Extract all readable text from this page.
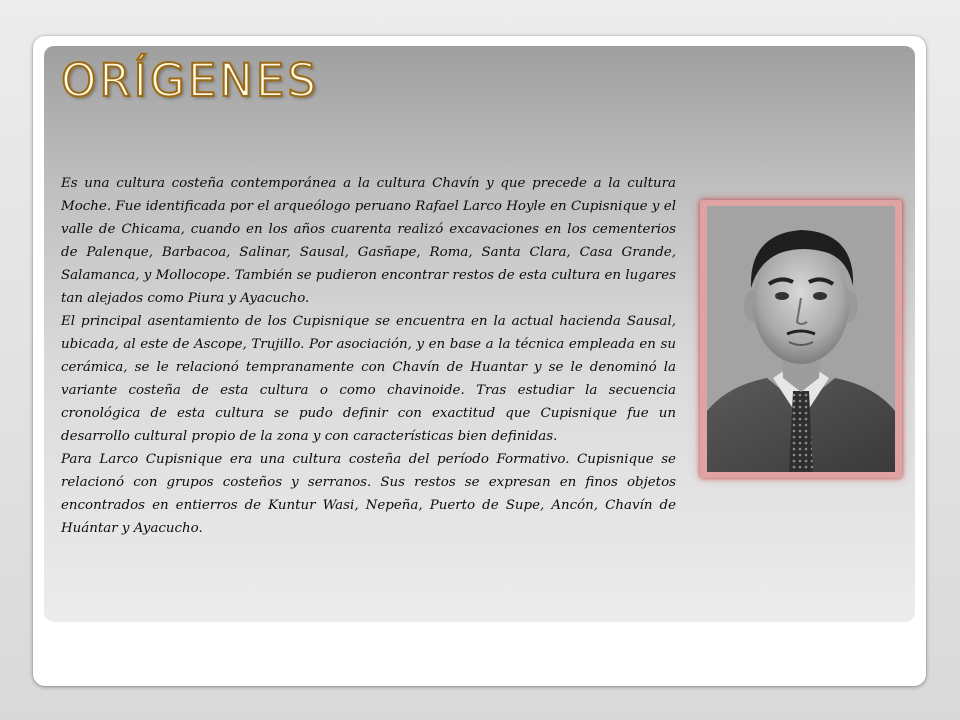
ORÍGENES

Es una cultura costeña contemporánea a la cultura Chavín y que precede a la cultura Moche. Fue identificada por el arqueólogo peruano Rafael Larco Hoyle en Cupisnique y el valle de Chicama, cuando en los años cuarenta realizó excavaciones en los cementerios de Palenque, Barbacoa, Salinar, Sausal, Gasñape, Roma, Santa Clara, Casa Grande, Salamanca, y Mollocope. También se pudieron encontrar restos de esta cultura en lugares tan alejados como Piura y Ayacucho.

El principal asentamiento de los Cupisnique se encuentra en la actual hacienda Sausal, ubicada, al este de Ascope, Trujillo. Por asociación, y en base a la técnica empleada en su cerámica, se le relacionó tempranamente con Chavín de Huantar y se le denominó la variante costeña de esta cultura o como chavinoide. Tras estudiar la secuencia cronológica de esta cultura se pudo definir con exactitud que Cupisnique fue un desarrollo cultural propio de la zona y con características bien definidas.

Para Larco Cupisnique era una cultura costeña del período Formativo. Cupisnique se relacionó con grupos costeños y serranos. Sus restos se expresan en finos objetos encontrados en entierros de Kuntur Wasi, Nepeña, Puerto de Supe, Ancón, Chavín de Huántar y Ayacucho.
